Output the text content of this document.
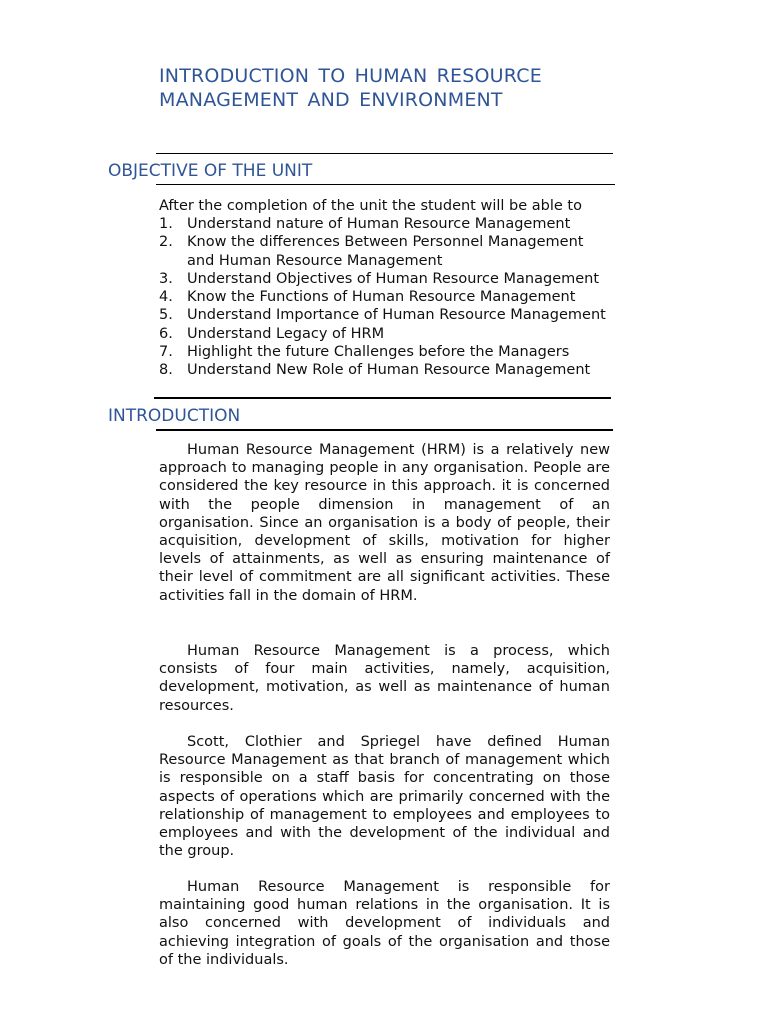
INTRODUCTION TO HUMAN RESOURCE
MANAGEMENT AND ENVIRONMENT
OBJECTIVE OF THE UNIT

After the completion of the unit the student will be able to

1. Understand nature of Human Resource Management
2. Know the differences Between Personnel Management
and Human Resource Management
3. Understand Objectives of Human Resource Management
4. Know the Functions of Human Resource Management
5. Understand Importance of Human Resource Management
6. Understand Legacy of HRM
7. Highlight the future Challenges before the Managers
8. Understand New Role of Human Resource Management
INTRODUCTION

Human Resource Management (HRM) is a relatively new approach to managing people in any organisation. People are considered the key resource in this approach. it is concerned with the people dimension in management of an organisation. Since an organisation is a body of people, their acquisition, development of skills, motivation for higher levels of attainments, as well as ensuring maintenance of their level of commitment are all significant activities. These activities fall in the domain of HRM.

Human Resource Management is a process, which consists of four main activities, namely, acquisition, development, motivation, as well as maintenance of human resources.

Scott, Clothier and Spriegel have defined Human Resource Management as that branch of management which is responsible on a staff basis for concentrating on those aspects of operations which are primarily concerned with the relationship of management to employees and employees to employees and with the development of the individual and the group.

Human Resource Management is responsible for maintaining good human relations in the organisation. It is also concerned with development of individuals and achieving integration of goals of the organisation and those of the individuals.
